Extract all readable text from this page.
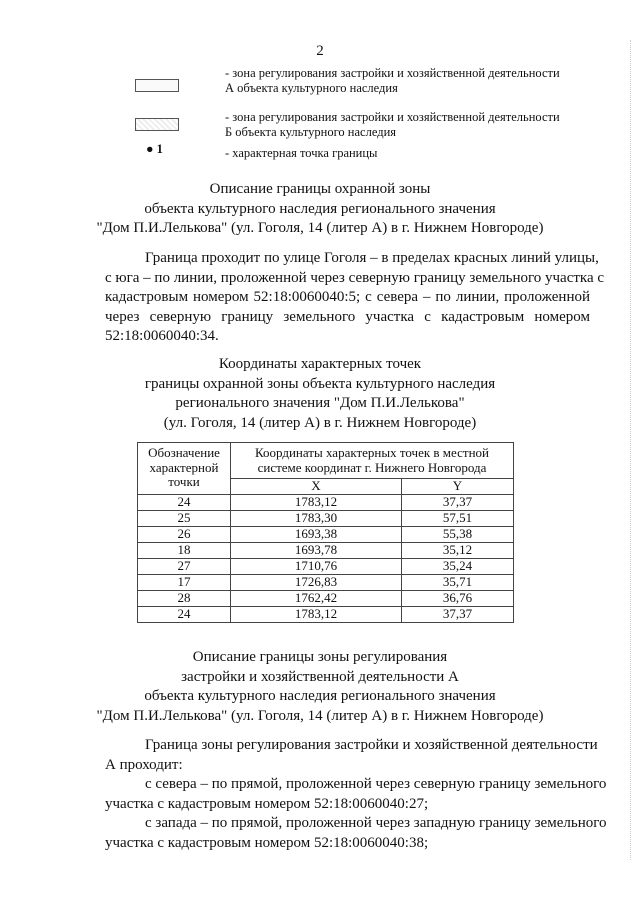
2
- зона регулирования застройки и хозяйственной деятельности
А объекта культурного наследия
- зона регулирования застройки и хозяйственной деятельности
Б объекта культурного наследия
● 1	- характерная точка границы
Описание границы охранной зоны
объекта культурного наследия регионального значения
"Дом П.И.Лелькова" (ул. Гоголя, 14 (литер А) в г. Нижнем Новгороде)
Граница проходит по улице Гоголя – в пределах красных линий улицы,
с юга – по линии, проложенной через северную границу земельного участка с
кадастровым номером 52:18:0060040:5; с севера – по линии, проложенной
через северную границу земельного участка с кадастровым номером
52:18:0060040:34.
Координаты характерных точек
границы охранной зоны объекта культурного наследия
регионального значения "Дом П.И.Лелькова"
(ул. Гоголя, 14 (литер А) в г. Нижнем Новгороде)
Обозначение характерной точки	Координаты характерных точек в местной системе координат г. Нижнего Новгорода	
	X	Y
24	1783,12	37,37
25	1783,30	57,51
26	1693,38	55,38
18	1693,78	35,12
27	1710,76	35,24
17	1726,83	35,71
28	1762,42	36,76
24	1783,12	37,37
Описание границы зоны регулирования
застройки и хозяйственной деятельности А
объекта культурного наследия регионального значения
"Дом П.И.Лелькова" (ул. Гоголя, 14 (литер А) в г. Нижнем Новгороде)
Граница зоны регулирования застройки и хозяйственной деятельности
А проходит:
с севера – по прямой, проложенной через северную границу земельного
участка с кадастровым номером 52:18:0060040:27;
с запада – по прямой, проложенной через западную границу земельного
участка с кадастровым номером 52:18:0060040:38;
